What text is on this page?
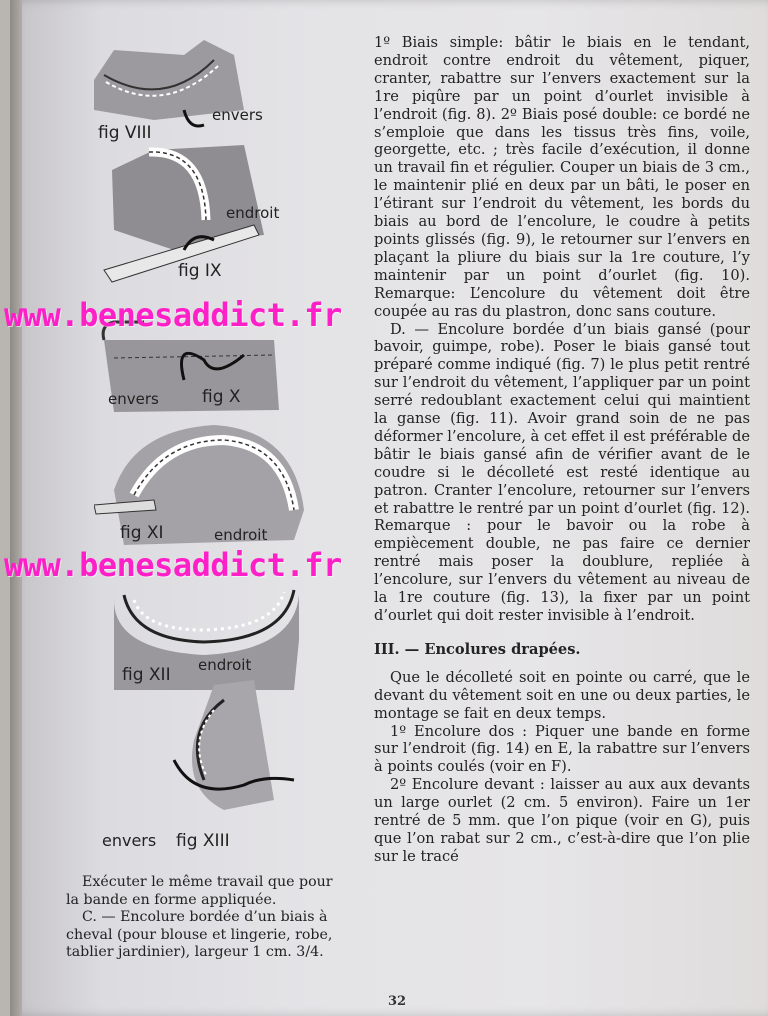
fig VIII
envers
endroit
fig IX
envers	fig X
fig XI	endroit
fig XII endroit
envers fig XIII

1º Biais simple: bâtir le biais en le tendant, endroit contre endroit du vêtement, piquer, cranter, rabattre sur l’envers exactement sur la 1re piqûre par un point d’ourlet invisible à l’endroit (fig. 8). 2º Biais posé double: ce bordé ne s’emploie que dans les tissus très fins, voile, georgette, etc. ; très facile d’exécution, il donne un travail fin et régulier. Couper un biais de 3 cm., le maintenir plié en deux par un bâti, le poser en l’étirant sur l’endroit du vêtement, les bords du biais au bord de l’encolure, le coudre à petits points glissés (fig. 9), le retourner sur l’envers en plaçant la pliure du biais sur la 1re couture, l’y maintenir par un point d’ourlet (fig. 10). Remarque: L’encolure du vêtement doit être coupée au ras du plastron, donc sans couture.

D. — Encolure bordée d’un biais gansé (pour bavoir, guimpe, robe). Poser le biais gansé tout préparé comme indiqué (fig. 7) le plus petit rentré sur l’endroit du vêtement, l’appliquer par un point serré redoublant exactement celui qui maintient la ganse (fig. 11). Avoir grand soin de ne pas déformer l’encolure, à cet effet il est préférable de bâtir le biais gansé afin de vérifier avant de le coudre si le décolleté est resté identique au patron. Cranter l’encolure, retourner sur l’envers et rabattre le rentré par un point d’ourlet (fig. 12). Remarque : pour le bavoir ou la robe à empiècement double, ne pas faire ce dernier rentré mais poser la doublure, repliée à l’encolure, sur l’envers du vêtement au niveau de la 1re couture (fig. 13), la fixer par un point d’ourlet qui doit rester invisible à l’endroit.

III. — Encolures drapées.

Que le décolleté soit en pointe ou carré, que le devant du vêtement soit en une ou deux parties, le montage se fait en deux temps.

1º Encolure dos : Piquer une bande en forme sur l’endroit (fig. 14) en E, la rabattre sur l’envers à points coulés (voir en F).

2º Encolure devant : laisser au aux aux devants un large ourlet (2 cm. 5 environ). Faire un 1er rentré de 5 mm. que l’on pique (voir en G), puis que l’on rabat sur 2 cm., c’est-à-dire que l’on plie sur le tracé

Exécuter le même travail que pour la bande en forme appliquée.

C. — Encolure bordée d’un biais à cheval (pour blouse et lingerie, robe, tablier jardinier), largeur 1 cm. 3/4.

32
www.benesaddict.fr
www.benesaddict.fr
